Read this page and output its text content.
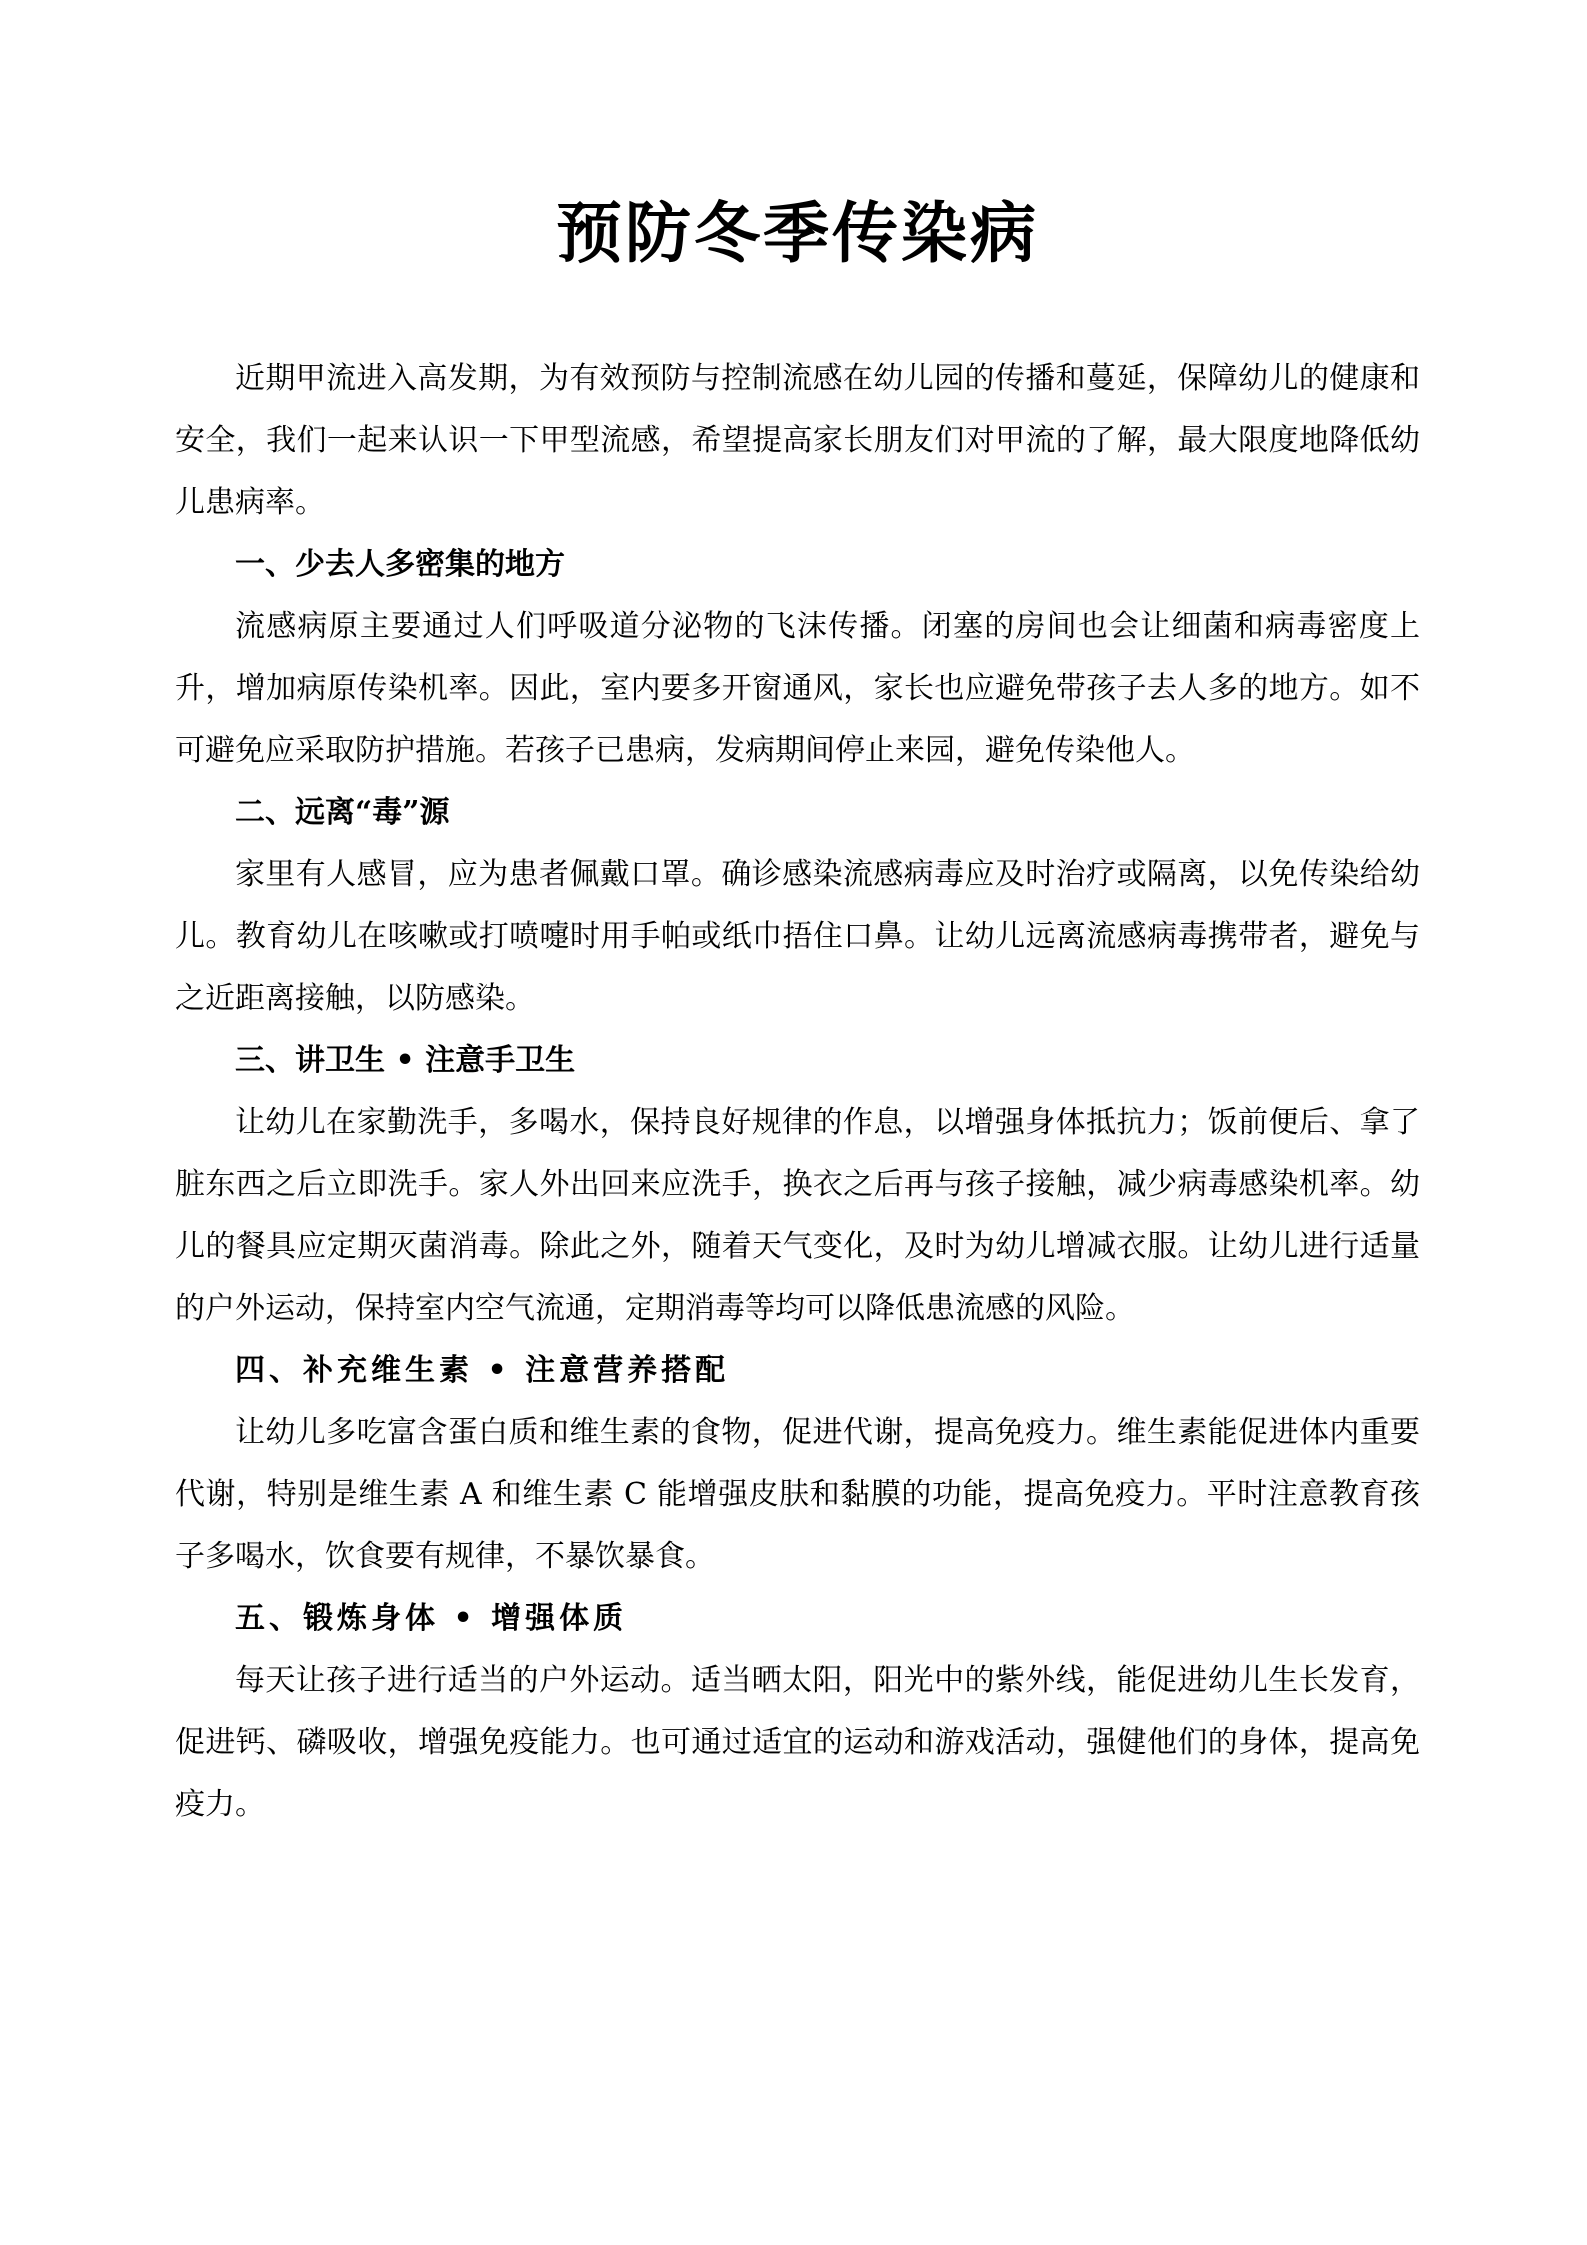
预防冬季传染病

近期甲流进入高发期，为有效预防与控制流感在幼儿园的传播和蔓延，保障幼儿的健康和安全，我们一起来认识一下甲型流感，希望提高家长朋友们对甲流的了解，最大限度地降低幼儿患病率。

一、少去人多密集的地方

流感病原主要通过人们呼吸道分泌物的飞沫传播。闭塞的房间也会让细菌和病毒密度上升，增加病原传染机率。因此，室内要多开窗通风，家长也应避免带孩子去人多的地方。如不可避免应采取防护措施。若孩子已患病，发病期间停止来园，避免传染他人。

二、远离“毒”源

家里有人感冒，应为患者佩戴口罩。确诊感染流感病毒应及时治疗或隔离，以免传染给幼儿。教育幼儿在咳嗽或打喷嚏时用手帕或纸巾捂住口鼻。让幼儿远离流感病毒携带者，避免与之近距离接触，以防感染。

三、讲卫生 • 注意手卫生

让幼儿在家勤洗手，多喝水，保持良好规律的作息，以增强身体抵抗力；饭前便后、拿了脏东西之后立即洗手。家人外出回来应洗手，换衣之后再与孩子接触，减少病毒感染机率。幼儿的餐具应定期灭菌消毒。除此之外，随着天气变化，及时为幼儿增减衣服。让幼儿进行适量的户外运动，保持室内空气流通，定期消毒等均可以降低患流感的风险。

四、补充维生素 • 注意营养搭配

让幼儿多吃富含蛋白质和维生素的食物，促进代谢，提高免疫力。维生素能促进体内重要代谢，特别是维生素 A 和维生素 C 能增强皮肤和黏膜的功能，提高免疫力。平时注意教育孩子多喝水，饮食要有规律，不暴饮暴食。

五、锻炼身体 • 增强体质

每天让孩子进行适当的户外运动。适当晒太阳，阳光中的紫外线，能促进幼儿生长发育，促进钙、磷吸收，增强免疫能力。也可通过适宜的运动和游戏活动，强健他们的身体，提高免疫力。
